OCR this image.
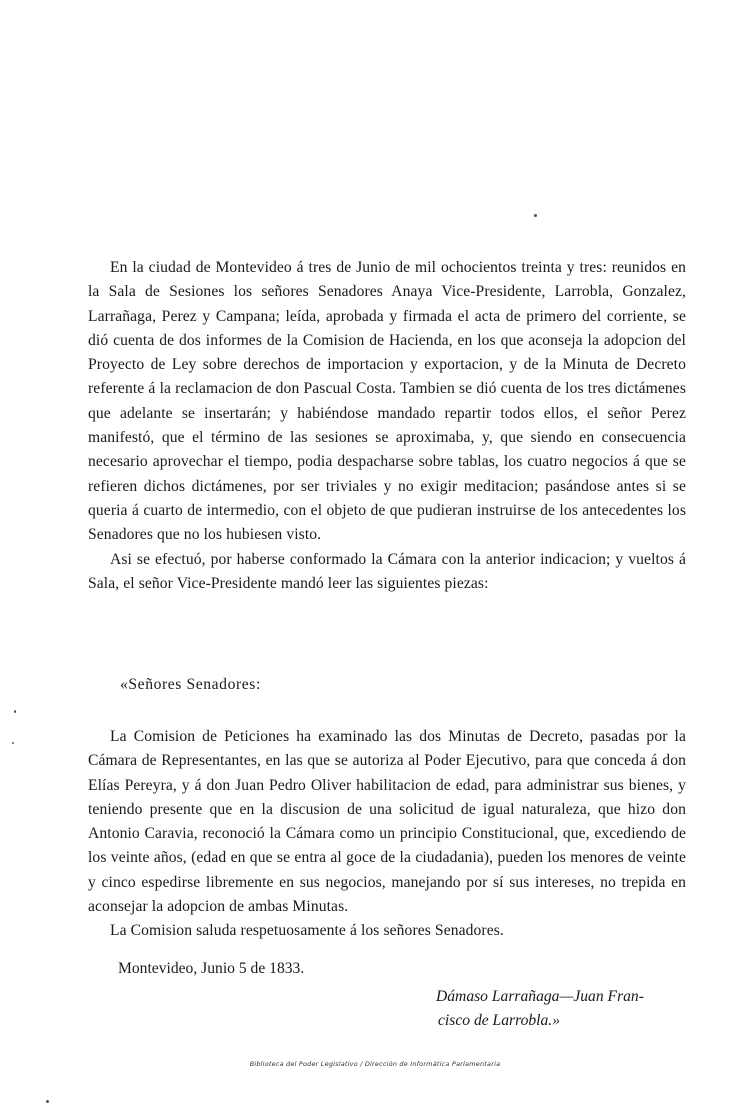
En la ciudad de Montevideo á tres de Junio de mil ochocientos treinta y tres: reunidos en la Sala de Sesiones los señores Senadores Anaya Vice-Presidente, Larrobla, Gonzalez, Larrañaga, Perez y Campana; leída, aprobada y firmada el acta de primero del corriente, se dió cuenta de dos informes de la Comision de Hacienda, en los que aconseja la adopcion del Proyecto de Ley sobre derechos de importacion y exportacion, y de la Minuta de Decreto referente á la reclamacion de don Pascual Costa. Tambien se dió cuenta de los tres dictámenes que adelante se insertarán; y habiéndose mandado repartir todos ellos, el señor Perez manifestó, que el término de las sesiones se aproximaba, y, que siendo en consecuencia necesario aprovechar el tiempo, podia despacharse sobre tablas, los cuatro negocios á que se refieren dichos dictámenes, por ser triviales y no exigir meditacion; pasándose antes si se queria á cuarto de intermedio, con el objeto de que pudieran instruirse de los antecedentes los Senadores que no los hubiesen visto.

Asi se efectuó, por haberse conformado la Cámara con la anterior indicacion; y vueltos á Sala, el señor Vice-Presidente mandó leer las siguientes piezas:

«Señores Senadores:

La Comision de Peticiones ha examinado las dos Minutas de Decreto, pasadas por la Cámara de Representantes, en las que se autoriza al Poder Ejecutivo, para que conceda á don Elías Pereyra, y á don Juan Pedro Oliver habilitacion de edad, para administrar sus bienes, y teniendo presente que en la discusion de una solicitud de igual naturaleza, que hizo don Antonio Caravia, reconoció la Cámara como un principio Constitucional, que, excediendo de los veinte años, (edad en que se entra al goce de la ciudadania), pueden los menores de veinte y cinco espedirse libremente en sus negocios, manejando por sí sus intereses, no trepida en aconsejar la adopcion de ambas Minutas.

La Comision saluda respetuosamente á los señores Senadores.

Montevideo, Junio 5 de 1833.
Dámaso Larrañaga—Juan Fran-
cisco de Larrobla.»
Biblioteca del Poder Legislativo / Dirección de Informática Parlamentaria
